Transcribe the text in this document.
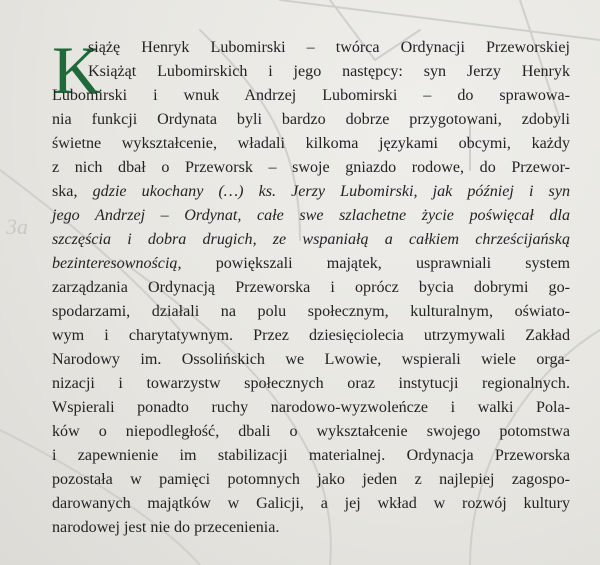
3a
K
siążę Henryk Lubomirski – twórca Ordynacji Przeworskiej
Książąt Lubomirskich i jego następcy: syn Jerzy Henryk
Lubomirski i wnuk Andrzej Lubomirski – do sprawowa-
nia funkcji Ordynata byli bardzo dobrze przygotowani, zdobyli
świetne wykształcenie, władali kilkoma językami obcymi, każdy
z nich dbał o Przeworsk – swoje gniazdo rodowe, do Przewor-
ska, gdzie ukochany (…) ks. Jerzy Lubomirski, jak później i syn
jego Andrzej – Ordynat, całe swe szlachetne życie poświęcał dla
szczęścia i dobra drugich, ze wspaniałą a całkiem chrześcijańską
bezinteresownością, powiększali majątek, usprawniali system
zarządzania Ordynacją Przeworska i oprócz bycia dobrymi go-
spodarzami, działali na polu społecznym, kulturalnym, oświato-
wym i charytatywnym. Przez dziesięciolecia utrzymywali Zakład
Narodowy im. Ossolińskich we Lwowie, wspierali wiele orga-
nizacji i towarzystw społecznych oraz instytucji regionalnych.
Wspierali ponadto ruchy narodowo-wyzwoleńcze i walki Pola-
ków o niepodległość, dbali o wykształcenie swojego potomstwa
i zapewnienie im stabilizacji materialnej. Ordynacja Przeworska
pozostała w pamięci potomnych jako jeden z najlepiej zagospo-
darowanych majątków w Galicji, a jej wkład w rozwój kultury
narodowej jest nie do przecenienia.
